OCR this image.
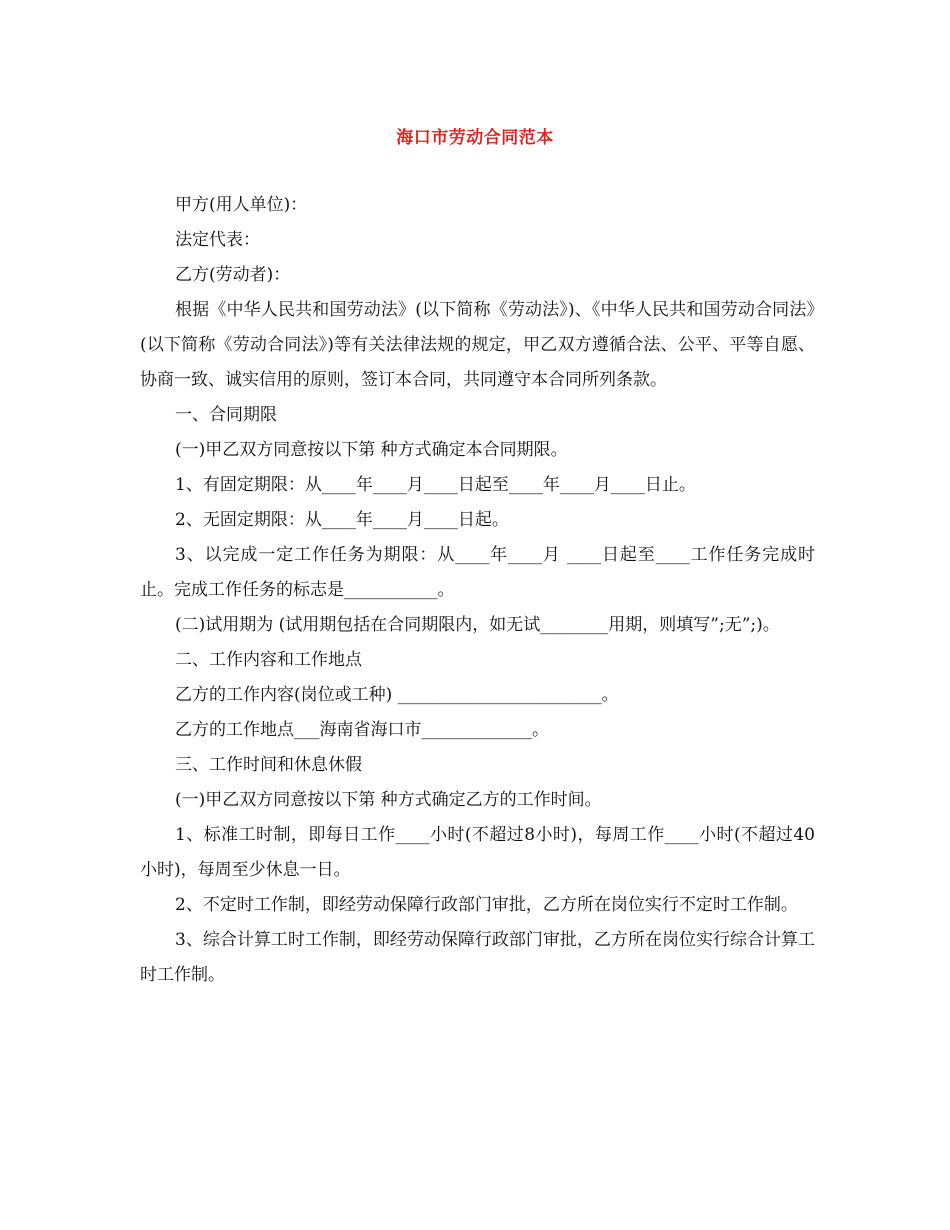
海口市劳动合同范本

甲方(用人单位)：

法定代表：

乙方(劳动者)：

根据《中华人民共和国劳动法》(以下简称《劳动法》)、《中华人民共和国劳动合同法》(以下简称《劳动合同法》)等有关法律法规的规定，甲乙双方遵循合法、公平、平等自愿、协商一致、诚实信用的原则，签订本合同，共同遵守本合同所列条款。

一、合同期限

(一)甲乙双方同意按以下第 种方式确定本合同期限。

1、有固定期限：从____年____月____日起至____年____月____日止。

2、无固定期限：从____年____月____日起。

3、以完成一定工作任务为期限：从____年____月 ____日起至____工作任务完成时止。完成工作任务的标志是___________。

(二)试用期为 (试用期包括在合同期限内，如无试________用期，则填写”;无”;)。

二、工作内容和工作地点

乙方的工作内容(岗位或工种) ________________________。

乙方的工作地点___海南省海口市_____________。

三、工作时间和休息休假

(一)甲乙双方同意按以下第 种方式确定乙方的工作时间。

1、标准工时制，即每日工作____小时(不超过8小时)，每周工作____小时(不超过40小时)，每周至少休息一日。

2、不定时工作制，即经劳动保障行政部门审批，乙方所在岗位实行不定时工作制。

3、综合计算工时工作制，即经劳动保障行政部门审批，乙方所在岗位实行综合计算工时工作制。
